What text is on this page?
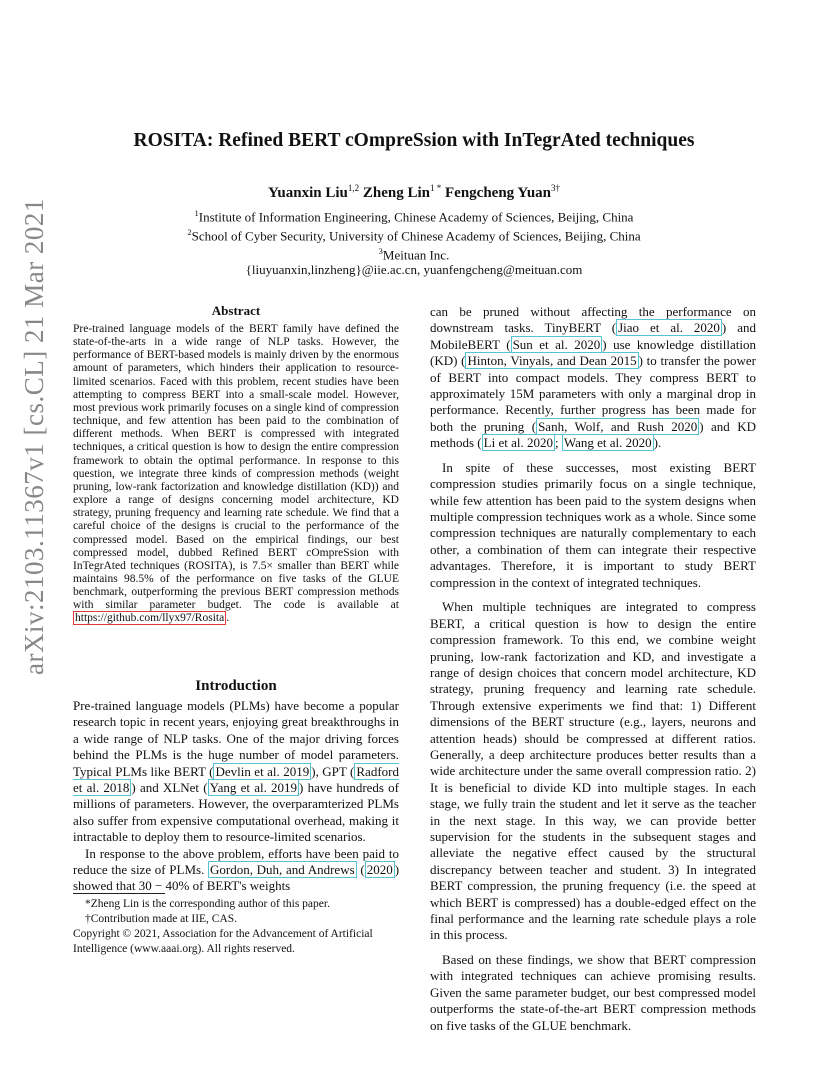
arXiv:2103.11367v1 [cs.CL] 21 Mar 2021
ROSITA: Refined BERT cOmpreSsion with InTegrAted techniques
Yuanxin Liu$^{1,2}$ Zheng Lin$^{1 *}$ Fengcheng Yuan$^{3\dagger}$
$^1$Institute of Information Engineering, Chinese Academy of Sciences, Beijing, China
$^2$School of Cyber Security, University of Chinese Academy of Sciences, Beijing, China
$^3$Meituan Inc.
{liuyuanxin,linzheng}@iie.ac.cn, yuanfengcheng@meituan.com
Abstract
Pre-trained language models of the BERT family have defined the state-of-the-arts in a wide range of NLP tasks. However, the performance of BERT-based models is mainly driven by the enormous amount of parameters, which hinders their application to resource-limited scenarios. Faced with this problem, recent studies have been attempting to compress BERT into a small-scale model. However, most previous work primarily focuses on a single kind of compression technique, and few attention has been paid to the combination of different methods. When BERT is compressed with integrated techniques, a critical question is how to design the entire compression framework to obtain the optimal performance. In response to this question, we integrate three kinds of compression methods (weight pruning, low-rank factorization and knowledge distillation (KD)) and explore a range of designs concerning model architecture, KD strategy, pruning frequency and learning rate schedule. We find that a careful choice of the designs is crucial to the performance of the compressed model. Based on the empirical findings, our best compressed model, dubbed Refined BERT cOmpreSsion with InTegrAted techniques (ROSITA), is 7.5× smaller than BERT while maintains 98.5% of the performance on five tasks of the GLUE benchmark, outperforming the previous BERT compression methods with similar parameter budget. The code is available at https://github.com/llyx97/Rosita .
Introduction

Pre-trained language models (PLMs) have become a popular research topic in recent years, enjoying great breakthroughs in a wide range of NLP tasks. One of the major driving forces behind the PLMs is the huge number of model parameters. Typical PLMs like BERT ( Devlin et al. 2019 ), GPT ( Radford et al. 2018 ) and XLNet ( Yang et al. 2019 ) have hundreds of millions of parameters. However, the overparamterized PLMs also suffer from expensive computational overhead, making it intractable to deploy them to resource-limited scenarios.

In response to the above problem, efforts have been paid to reduce the size of PLMs. Gordon, Duh, and Andrews ( 2020 ) showed that 30 − 40% of BERT's weights

*Zheng Lin is the corresponding author of this paper.
†Contribution made at IIE, CAS.
Copyright © 2021, Association for the Advancement of Artificial Intelligence (www.aaai.org). All rights reserved.

can be pruned without affecting the performance on downstream tasks. TinyBERT ( Jiao et al. 2020 ) and MobileBERT ( Sun et al. 2020 ) use knowledge distillation (KD) ( Hinton, Vinyals, and Dean 2015 ) to transfer the power of BERT into compact models. They compress BERT to approximately 15M parameters with only a marginal drop in performance. Recently, further progress has been made for both the pruning ( Sanh, Wolf, and Rush 2020 ) and KD methods ( Li et al. 2020 ; Wang et al. 2020 ).

In spite of these successes, most existing BERT compression studies primarily focus on a single technique, while few attention has been paid to the system designs when multiple compression techniques work as a whole. Since some compression techniques are naturally complementary to each other, a combination of them can integrate their respective advantages. Therefore, it is important to study BERT compression in the context of integrated techniques.

When multiple techniques are integrated to compress BERT, a critical question is how to design the entire compression framework. To this end, we combine weight pruning, low-rank factorization and KD, and investigate a range of design choices that concern model architecture, KD strategy, pruning frequency and learning rate schedule. Through extensive experiments we find that: 1) Different dimensions of the BERT structure (e.g., layers, neurons and attention heads) should be compressed at different ratios. Generally, a deep architecture produces better results than a wide architecture under the same overall compression ratio. 2) It is beneficial to divide KD into multiple stages. In each stage, we fully train the student and let it serve as the teacher in the next stage. In this way, we can provide better supervision for the students in the subsequent stages and alleviate the negative effect caused by the structural discrepancy between teacher and student. 3) In integrated BERT compression, the pruning frequency (i.e. the speed at which BERT is compressed) has a double-edged effect on the final performance and the learning rate schedule plays a role in this process.

Based on these findings, we show that BERT compression with integrated techniques can achieve promising results. Given the same parameter budget, our best compressed model outperforms the state-of-the-art BERT compression methods on five tasks of the GLUE benchmark.
